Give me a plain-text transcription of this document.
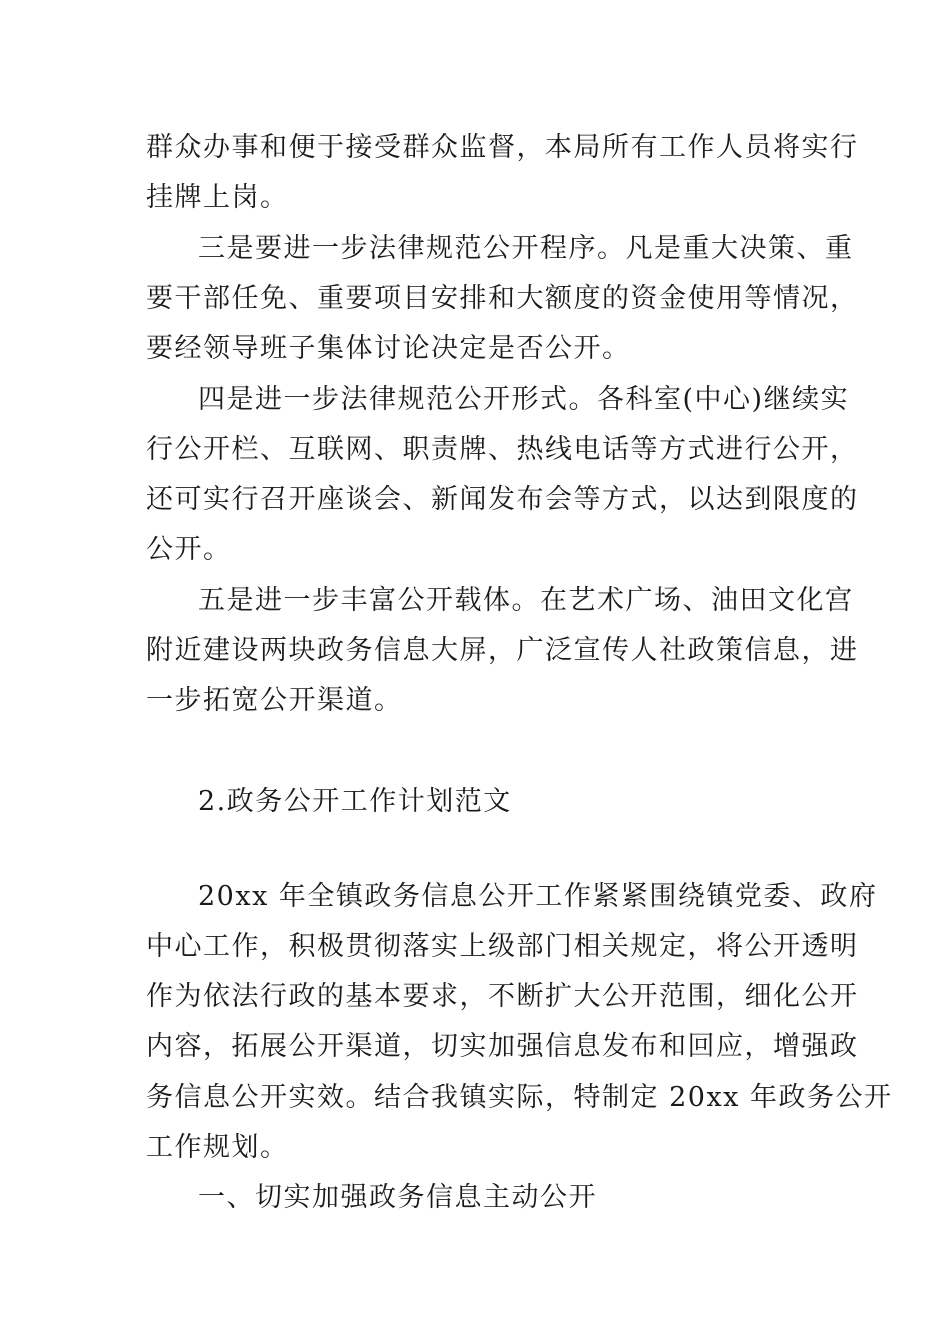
群众办事和便于接受群众监督，本局所有工作人员将实行
挂牌上岗。
三是要进一步法律规范公开程序。凡是重大决策、重
要干部任免、重要项目安排和大额度的资金使用等情况，
要经领导班子集体讨论决定是否公开。
四是进一步法律规范公开形式。各科室(中心)继续实
行公开栏、互联网、职责牌、热线电话等方式进行公开，
还可实行召开座谈会、新闻发布会等方式，以达到限度的
公开。
五是进一步丰富公开载体。在艺术广场、油田文化宫
附近建设两块政务信息大屏，广泛宣传人社政策信息，进
一步拓宽公开渠道。
2.政务公开工作计划范文
20xx 年全镇政务信息公开工作紧紧围绕镇党委、政府
中心工作，积极贯彻落实上级部门相关规定，将公开透明
作为依法行政的基本要求，不断扩大公开范围，细化公开
内容，拓展公开渠道，切实加强信息发布和回应，增强政
务信息公开实效。结合我镇实际，特制定 20xx 年政务公开
工作规划。
一、切实加强政务信息主动公开
